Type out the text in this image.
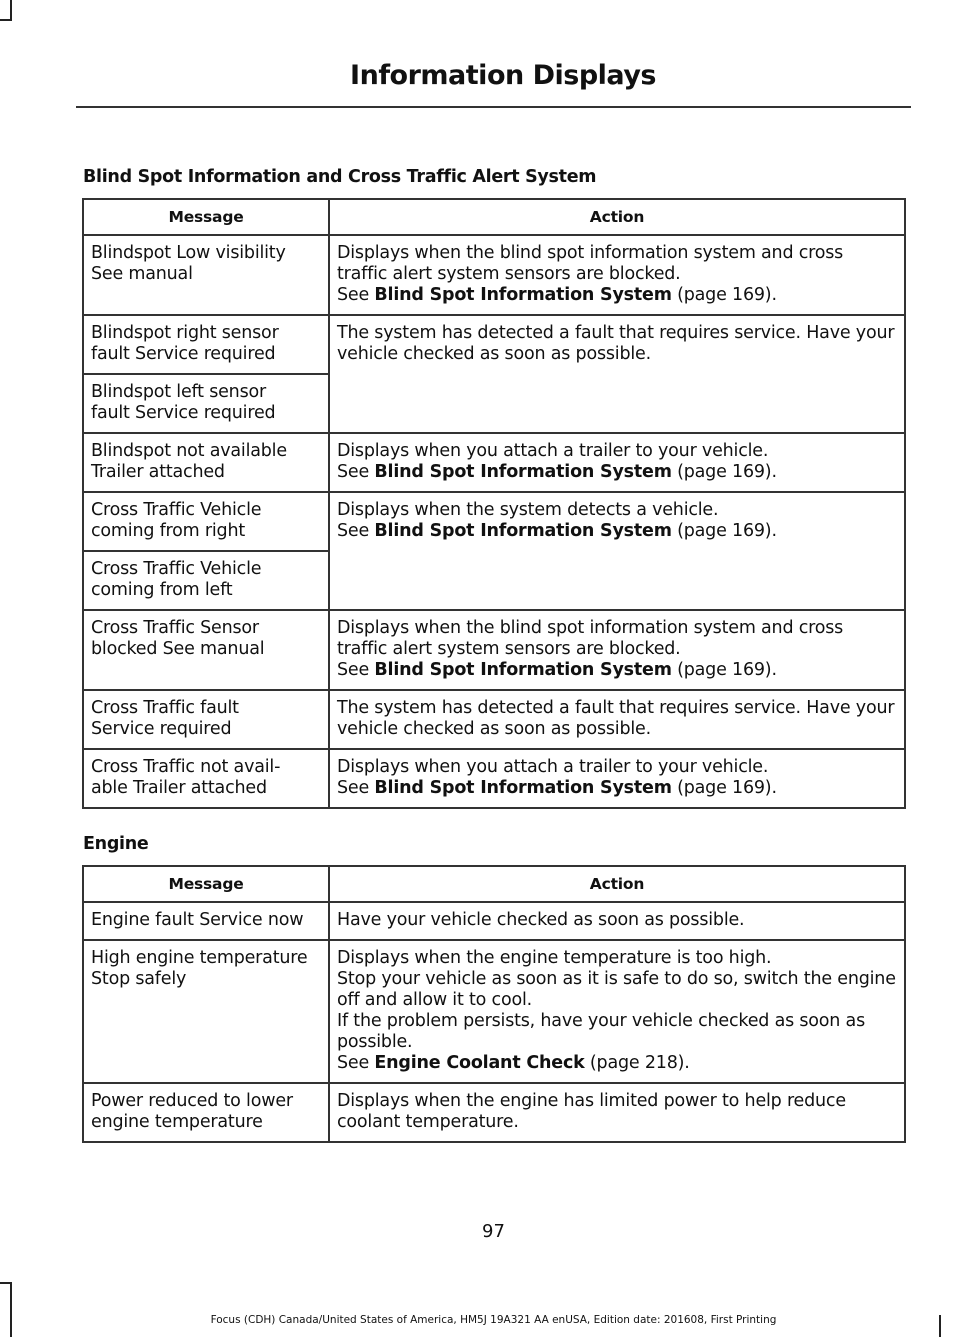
Information Displays
Blind Spot Information and Cross Traffic Alert System
Message	Action

Blindspot Low visibility
See manual	Displays when the blind spot information system and cross traffic alert system sensors are blocked.
See Blind Spot Information System (page 169).

Blindspot right sensor
fault Service required	The system has detected a fault that requires service. Have your vehicle checked as soon as possible.

Blindspot left sensor
fault Service required	

Blindspot not available
Trailer attached	Displays when you attach a trailer to your vehicle.
See Blind Spot Information System (page 169).

Cross Traffic Vehicle
coming from right	Displays when the system detects a vehicle.
See Blind Spot Information System (page 169).

Cross Traffic Vehicle
coming from left	

Cross Traffic Sensor
blocked See manual	Displays when the blind spot information system and cross traffic alert system sensors are blocked.
See Blind Spot Information System (page 169).

Cross Traffic fault
Service required	The system has detected a fault that requires service. Have your vehicle checked as soon as possible.

Cross Traffic not avail-
able Trailer attached	Displays when you attach a trailer to your vehicle.
See Blind Spot Information System (page 169).
Engine
Message	Action

Engine fault Service now	Have your vehicle checked as soon as possible.

High engine temperature
Stop safely	Displays when the engine temperature is too high.
Stop your vehicle as soon as it is safe to do so, switch the engine off and allow it to cool.
If the problem persists, have your vehicle checked as soon as possible.
See Engine Coolant Check (page 218).

Power reduced to lower
engine temperature	Displays when the engine has limited power to help reduce coolant temperature.
97
Focus (CDH) Canada/United States of America, HM5J 19A321 AA enUSA, Edition date: 201608, First Printing
